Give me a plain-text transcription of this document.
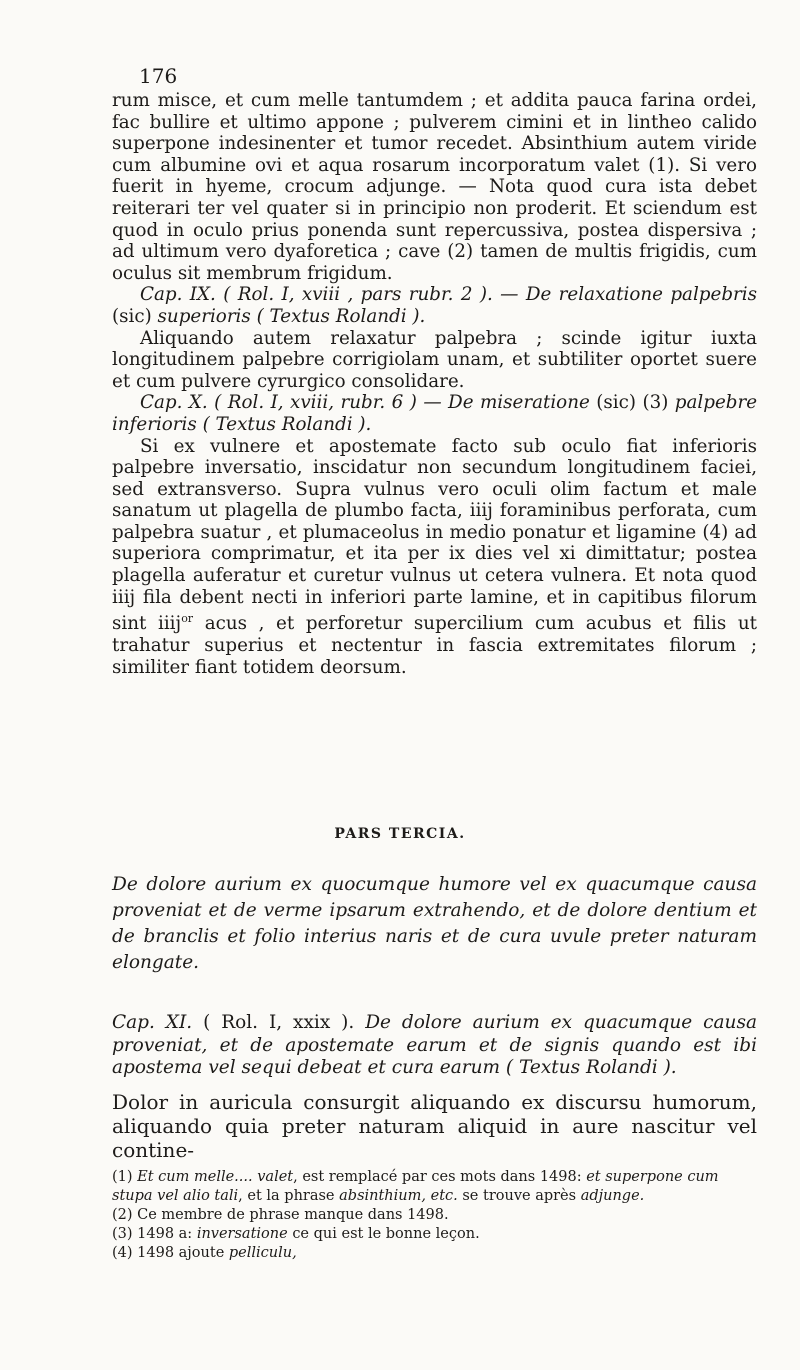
176

rum misce, et cum melle tantumdem ; et addita pauca farina ordei, fac bullire et ultimo appone ; pulverem cimini et in lintheo calido superpone indesinenter et tumor recedet. Absinthium autem viride cum albumine ovi et aqua rosarum incorporatum valet (1). Si vero fuerit in hyeme, crocum adjunge. — Nota quod cura ista debet reiterari ter vel quater si in principio non proderit. Et sciendum est quod in oculo prius ponenda sunt repercussiva, postea dispersiva ; ad ultimum vero dyaforetica ; cave (2) tamen de multis frigidis, cum oculus sit membrum frigidum.

Cap. IX. ( Rol. I, xviii , pars rubr. 2 ). — De relaxatione palpebris (sic) superioris ( Textus Rolandi ).

Aliquando autem relaxatur palpebra ; scinde igitur iuxta longitudinem palpebre corrigiolam unam, et subtiliter oportet suere et cum pulvere cyrurgico consolidare.

Cap. X. ( Rol. I, xviii, rubr. 6 ) — De miseratione (sic) (3) palpebre inferioris ( Textus Rolandi ).

Si ex vulnere et apostemate facto sub oculo fiat inferioris palpebre inversatio, inscidatur non secundum longitudinem faciei, sed extransverso. Supra vulnus vero oculi olim factum et male sanatum ut plagella de plumbo facta, iiij foraminibus perforata, cum palpebra suatur , et plumaceolus in medio ponatur et ligamine (4) ad superiora comprimatur, et ita per ix dies vel xi dimittatur; postea plagella auferatur et curetur vulnus ut cetera vulnera. Et nota quod iiij fila debent necti in inferiori parte lamine, et in capitibus filorum sint iiij$^{or}$ acus , et perforetur supercilium cum acubus et filis ut trahatur superius et nectentur in fascia extremitates filorum ; similiter fiant totidem deorsum.

PARS TERCIA.
De dolore aurium ex quocumque humore vel ex quacumque causa proveniat et de verme ipsarum extrahendo, et de dolore dentium et de branclis et folio interius naris et de cura uvule preter naturam elongate.
Cap. XI. ( Rol. I, xxix ). De dolore aurium ex quacumque causa proveniat, et de apostemate earum et de signis quando est ibi apostema vel sequi debeat et cura earum ( Textus Rolandi ).
Dolor in auricula consurgit aliquando ex discursu humorum, aliquando quia preter naturam aliquid in aure nascitur vel contine-

(1) Et cum melle.... valet, est remplacé par ces mots dans 1498: et superpone cum stupa vel alio tali, et la phrase absinthium, etc. se trouve après adjunge.

(2) Ce membre de phrase manque dans 1498.

(3) 1498 a: inversatione ce qui est le bonne leçon.

(4) 1498 ajoute pelliculu,
